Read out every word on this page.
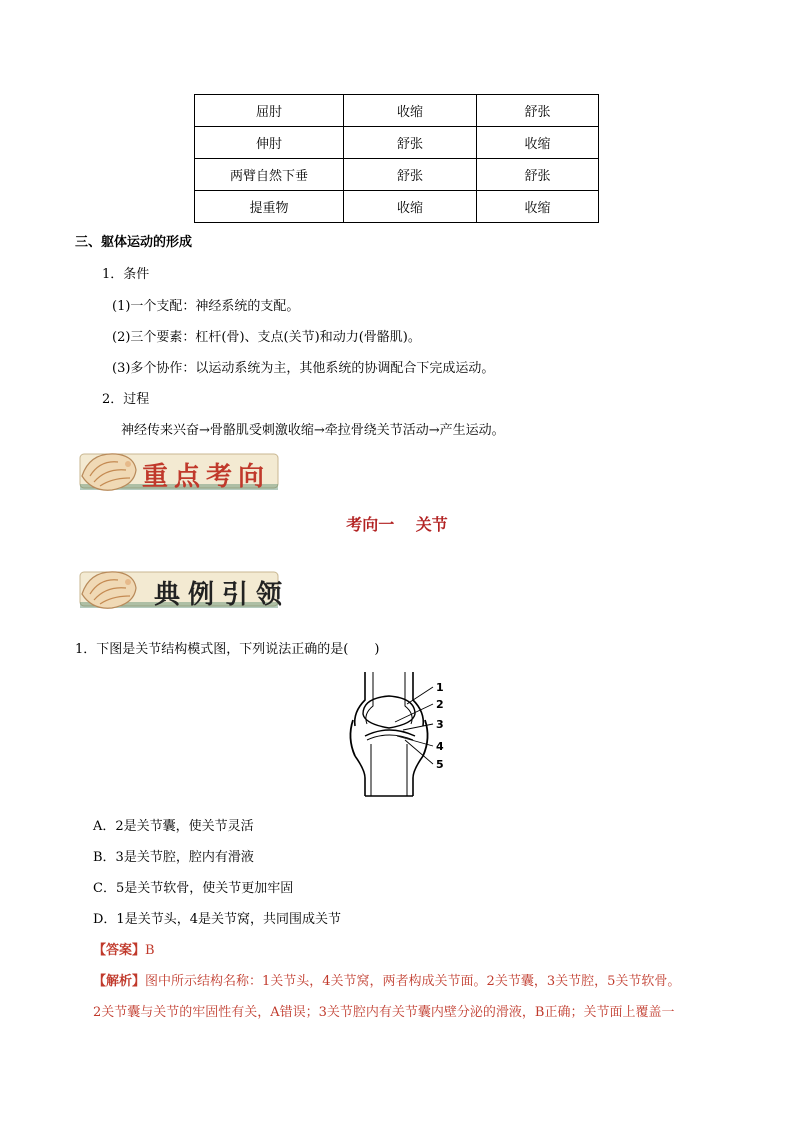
屈肘	收缩	舒张
伸肘	舒张	收缩
两臂自然下垂	舒张	舒张
提重物	收缩	收缩
三、躯体运动的形成
1．条件
(1)一个支配：神经系统的支配。
(2)三个要素：杠杆(骨)、支点(关节)和动力(骨骼肌)。
(3)多个协作：以运动系统为主，其他系统的协调配合下完成运动。
2．过程
神经传来兴奋→骨骼肌受刺激收缩→牵拉骨绕关节活动→产生运动。
重点考向
考向一　 关节
典例引领
1．下图是关节结构模式图，下列说法正确的是(　　)
1
2
3
4
5
A．2是关节囊，使关节灵活
B．3是关节腔，腔内有滑液
C．5是关节软骨，使关节更加牢固
D．1是关节头，4是关节窝，共同围成关节
【答案】B
【解析】图中所示结构名称：1关节头，4关节窝，两者构成关节面。2关节囊，3关节腔，5关节软骨。
2关节囊与关节的牢固性有关，A错误；3关节腔内有关节囊内壁分泌的滑液，B正确；关节面上覆盖一
